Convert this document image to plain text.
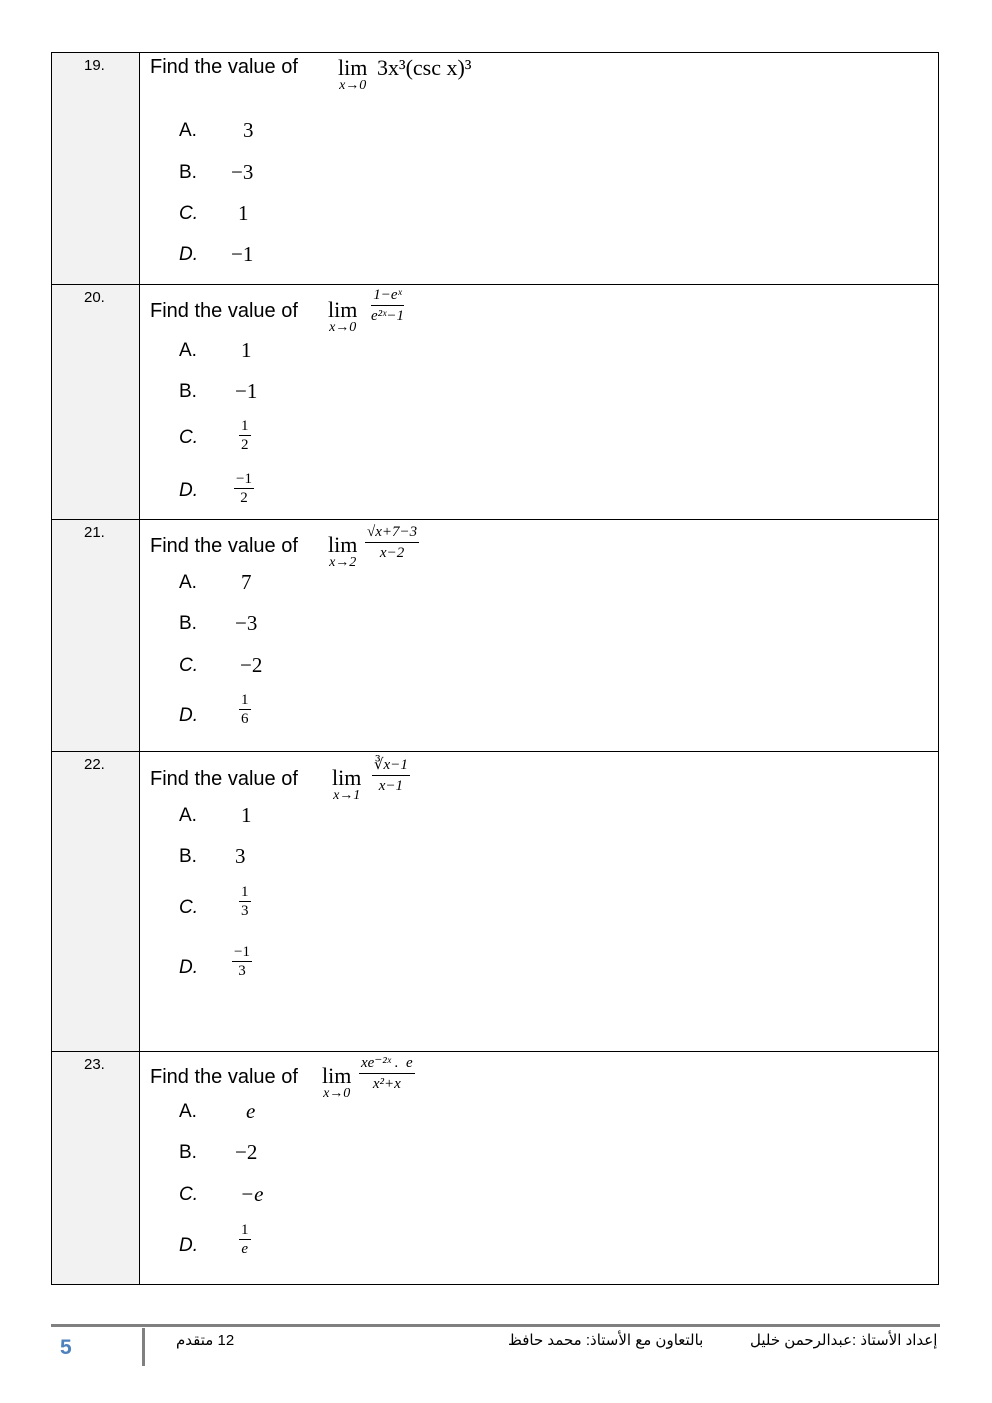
19. Find the value of lim
x→0
3x³(csc x)³
A. 3
B. −3
C. 1
D. −1
20.
Find the value of lim
x→0
$\frac{\text{1−eˣ}}{\text{e²ˣ−1}}$
A. 1
B. −1
C.
1
2
D.
−1
2
21.
Find the value of lim
x→2
$\frac{√x+7-3}{x-2}$
A. 7
B. −3
C. −2
D.
1
6
22.
Find the value of lim
x→1
$\frac{∛x-1}{x-1}$
A. 1
B. 3
C.
1
3
D.
−1
3
23.
Find the value of lim
x→0
$\frac{\text{xe⁻²ˣ .  e}}{\text{x²+x}}$
A. e
B. −2
C. −e
D.
1
e
5	12 متقدم	بالتعاون مع الأستاذ: محمد حافظ	إعداد الأستاذ :عبدالرحمن خليل
